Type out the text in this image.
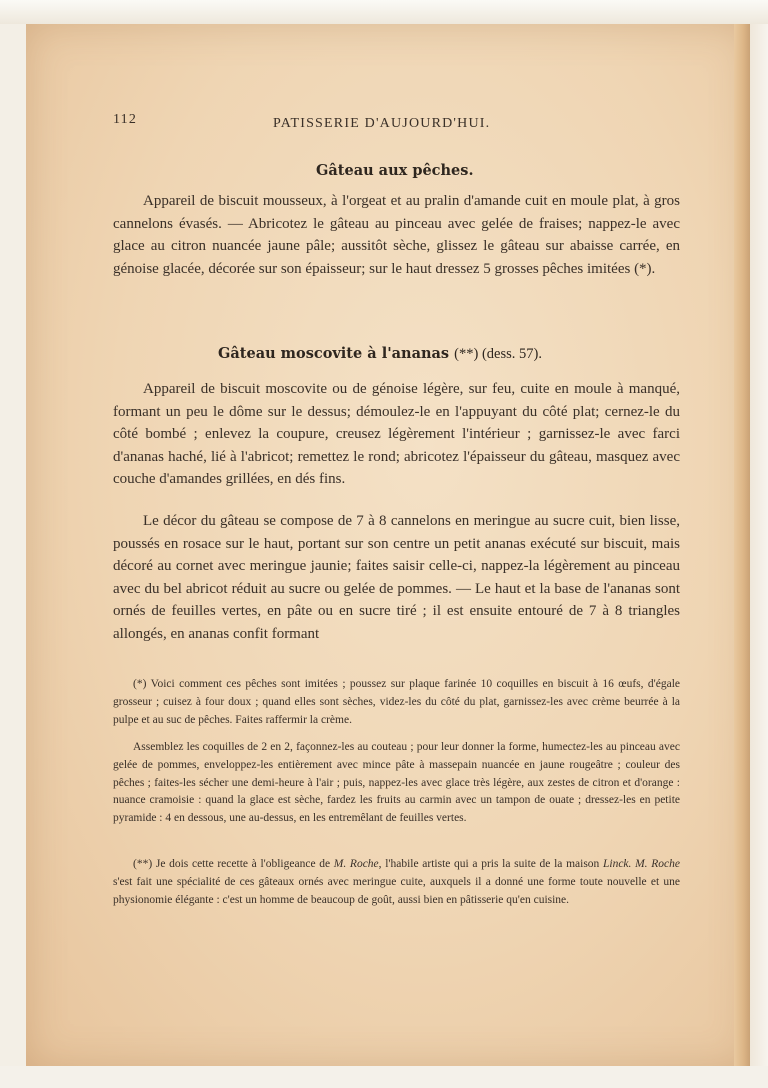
112	PATISSERIE D'AUJOURD'HUI.
Gâteau aux pêches.

Appareil de biscuit mousseux, à l'orgeat et au pralin d'amande cuit en moule plat, à gros cannelons évasés. — Abricotez le gâteau au pinceau avec gelée de fraises; nappez-le avec glace au citron nuancée jaune pâle; aussitôt sèche, glissez le gâteau sur abaisse carrée, en génoise glacée, décorée sur son épaisseur; sur le haut dressez 5 grosses pêches imitées (*).

Gâteau moscovite à l'ananas (**) (dess. 57).

Appareil de biscuit moscovite ou de génoise légère, sur feu, cuite en moule à manqué, formant un peu le dôme sur le dessus; démoulez-le en l'appuyant du côté plat; cernez-le du côté bombé ; enlevez la coupure, creusez légèrement l'intérieur ; garnissez-le avec farci d'ananas haché, lié à l'abricot; remettez le rond; abricotez l'épaisseur du gâteau, masquez avec couche d'amandes grillées, en dés fins.

Le décor du gâteau se compose de 7 à 8 cannelons en meringue au sucre cuit, bien lisse, poussés en rosace sur le haut, portant sur son centre un petit ananas exécuté sur biscuit, mais décoré au cornet avec meringue jaunie; faites saisir celle-ci, nappez-la légèrement au pinceau avec du bel abricot réduit au sucre ou gelée de pommes. — Le haut et la base de l'ananas sont ornés de feuilles vertes, en pâte ou en sucre tiré ; il est ensuite entouré de 7 à 8 triangles allongés, en ananas confit formant

(*) Voici comment ces pêches sont imitées ; poussez sur plaque farinée 10 coquilles en biscuit à 16 œufs, d'égale grosseur ; cuisez à four doux ; quand elles sont sèches, videz-les du côté du plat, garnissez-les avec crème beurrée à la pulpe et au suc de pêches. Faites raffermir la crème.

Assemblez les coquilles de 2 en 2, façonnez-les au couteau ; pour leur donner la forme, humectez-les au pinceau avec gelée de pommes, enveloppez-les entièrement avec mince pâte à massepain nuancée en jaune rougeâtre ; couleur des pêches ; faites-les sécher une demi-heure à l'air ; puis, nappez-les avec glace très légère, aux zestes de citron et d'orange : nuance cramoisie : quand la glace est sèche, fardez les fruits au carmin avec un tampon de ouate ; dressez-les en petite pyramide : 4 en dessous, une au-dessus, en les entremêlant de feuilles vertes.

(**) Je dois cette recette à l'obligeance de M. Roche, l'habile artiste qui a pris la suite de la maison Linck. M. Roche s'est fait une spécialité de ces gâteaux ornés avec meringue cuite, auxquels il a donné une forme toute nouvelle et une physionomie élégante : c'est un homme de beaucoup de goût, aussi bien en pâtisserie qu'en cuisine.
